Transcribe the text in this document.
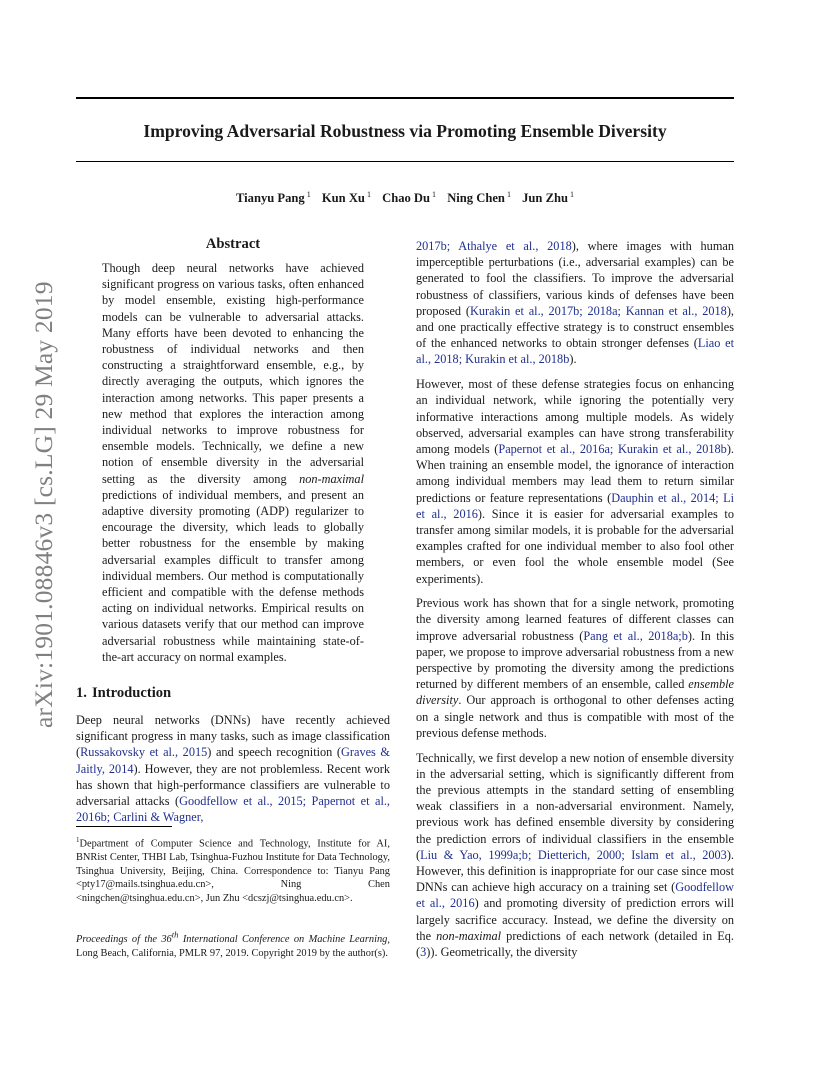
Improving Adversarial Robustness via Promoting Ensemble Diversity
Tianyu Pang $^1$ Kun Xu $^1$ Chao Du $^1$ Ning Chen $^1$ Jun Zhu $^1$
arXiv:1901.08846v3 [cs.LG] 29 May 2019
Abstract

Though deep neural networks have achieved significant progress on various tasks, often enhanced by model ensemble, existing high-performance models can be vulnerable to adversarial attacks. Many efforts have been devoted to enhancing the robustness of individual networks and then constructing a straightforward ensemble, e.g., by directly averaging the outputs, which ignores the interaction among networks. This paper presents a new method that explores the interaction among individual networks to improve robustness for ensemble models. Technically, we define a new notion of ensemble diversity in the adversarial setting as the diversity among non-maximal predictions of individual members, and present an adaptive diversity promoting (ADP) regularizer to encourage the diversity, which leads to globally better robustness for the ensemble by making adversarial examples difficult to transfer among individual members. Our method is computationally efficient and compatible with the defense methods acting on individual networks. Empirical results on various datasets verify that our method can improve adversarial robustness while maintaining state-of-the-art accuracy on normal examples.

1. Introduction

Deep neural networks (DNNs) have recently achieved significant progress in many tasks, such as image classification (Russakovsky et al., 2015) and speech recognition (Graves & Jaitly, 2014). However, they are not problemless. Recent work has shown that high-performance classifiers are vulnerable to adversarial attacks (Goodfellow et al., 2015; Papernot et al., 2016b; Carlini & Wagner,

$^1$Department of Computer Science and Technology, Institute for AI, BNRist Center, THBI Lab, Tsinghua-Fuzhou Institute for Data Technology, Tsinghua University, Beijing, China. Correspondence to: Tianyu Pang <pty17@mails.tsinghua.edu.cn>, Ning Chen <ningchen@tsinghua.edu.cn>, Jun Zhu <dcszj@tsinghua.edu.cn>.

Proceedings of the 36th International Conference on Machine Learning, Long Beach, California, PMLR 97, 2019. Copyright 2019 by the author(s).

2017b; Athalye et al., 2018), where images with human imperceptible perturbations (i.e., adversarial examples) can be generated to fool the classifiers. To improve the adversarial robustness of classifiers, various kinds of defenses have been proposed (Kurakin et al., 2017b; 2018a; Kannan et al., 2018), and one practically effective strategy is to construct ensembles of the enhanced networks to obtain stronger defenses (Liao et al., 2018; Kurakin et al., 2018b).

However, most of these defense strategies focus on enhancing an individual network, while ignoring the potentially very informative interactions among multiple models. As widely observed, adversarial examples can have strong transferability among models (Papernot et al., 2016a; Kurakin et al., 2018b). When training an ensemble model, the ignorance of interaction among individual members may lead them to return similar predictions or feature representations (Dauphin et al., 2014; Li et al., 2016). Since it is easier for adversarial examples to transfer among similar models, it is probable for the adversarial examples crafted for one individual member to also fool other members, or even fool the whole ensemble model (See experiments).

Previous work has shown that for a single network, promoting the diversity among learned features of different classes can improve adversarial robustness (Pang et al., 2018a;b). In this paper, we propose to improve adversarial robustness from a new perspective by promoting the diversity among the predictions returned by different members of an ensemble, called ensemble diversity. Our approach is orthogonal to other defenses acting on a single network and thus is compatible with most of the previous defense methods.

Technically, we first develop a new notion of ensemble diversity in the adversarial setting, which is significantly different from the previous attempts in the standard setting of ensembling weak classifiers in a non-adversarial environment. Namely, previous work has defined ensemble diversity by considering the prediction errors of individual classifiers in the ensemble (Liu & Yao, 1999a;b; Dietterich, 2000; Islam et al., 2003). However, this definition is inappropriate for our case since most DNNs can achieve high accuracy on a training set (Goodfellow et al., 2016) and promoting diversity of prediction errors will largely sacrifice accuracy. Instead, we define the diversity on the non-maximal predictions of each network (detailed in Eq. (3)). Geometrically, the diversity
